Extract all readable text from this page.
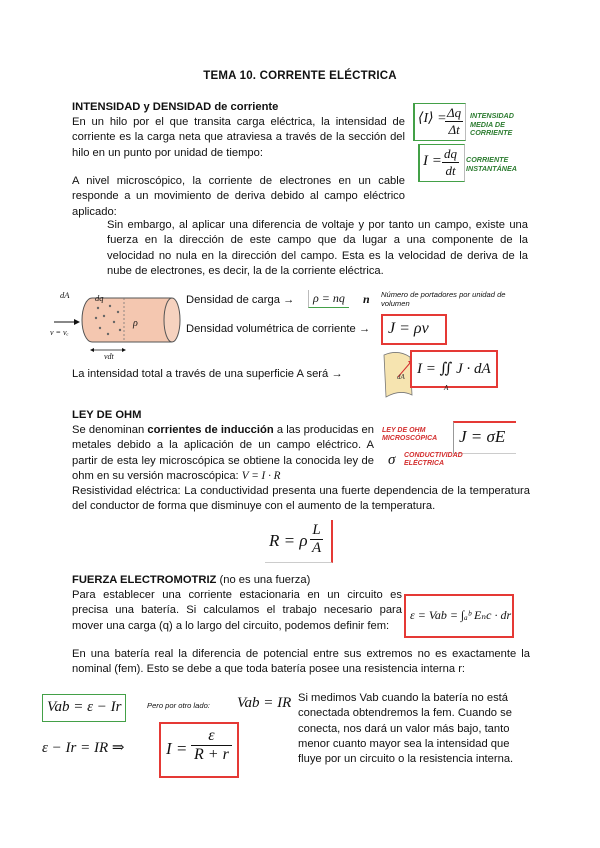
TEMA 10. CORRENTE ELÉCTRICA
INTENSIDAD y DENSIDAD de corriente
En un hilo por el que transita carga eléctrica, la intensidad de corriente es la carga neta que atraviesa a través de la sección del hilo en un punto por unidad de tiempo:
⟨I⟩ = Δq
Δt
INTENSIDAD MEDIA DE CORRIENTE
I = dq
dt
CORRIENTE INSTANTÁNEA
A nivel microscópico, la corriente de electrones en un cable responde a un movimiento de deriva debido al campo eléctrico aplicado:
Sin embargo, al aplicar una diferencia de voltaje y por tanto un campo, existe una fuerza en la dirección de este campo que da lugar a una componente de la velocidad no nula en la dirección del campo. Esta es la velocidad de deriva de la nube de electrones, es decir, la de la corriente eléctrica.
dA	dq
v = vₑ
vdt
ρ
Densidad de carga → ρ = nq n Número de portadores por unidad de volumen
Densidad volumétrica de corriente → J = ρv
La intensidad total a través de una superficie A será →	dA I = ∬ J · dA
A
LEY DE OHM
Se denominan corrientes de inducción a las producidas en metales debido a la aplicación de un campo eléctrico. A partir de esta ley microscópica se obtiene la conocida ley de ohm en su versión macroscópica: V = I · R
LEY DE OHM MICROSCÓPICA	J = σE
σ CONDUCTIVIDAD ELÉCTRICA
Resistividad eléctrica: La conductividad presenta una fuerte dependencia de la temperatura del conductor de forma que disminuye con el aumento de la temperatura.
R = ρ
L
A
FUERZA ELECTROMOTRIZ (no es una fuerza)
Para establecer una corriente estacionaria en un circuito es precisa una batería. Si calculamos el trabajo necesario para mover una carga (q) a lo largo del circuito, podemos definir fem:
ε = Vab = ∫ₐᵇ Eₙc · dr
En una batería real la diferencia de potencial entre sus extremos no es exactamente la nominal (fem). Esto se debe a que toda batería posee una resistencia interna r:
Vab = ε − Ir	Pero por otro lado: Vab = IR
ε − Ir = IR ⇒ I =
ε
R + r
Si medimos Vab cuando la batería no está conectada obtendremos la fem. Cuando se conecta, nos dará un valor más bajo, tanto menor cuanto mayor sea la intensidad que fluye por un circuito o la resistencia interna.
